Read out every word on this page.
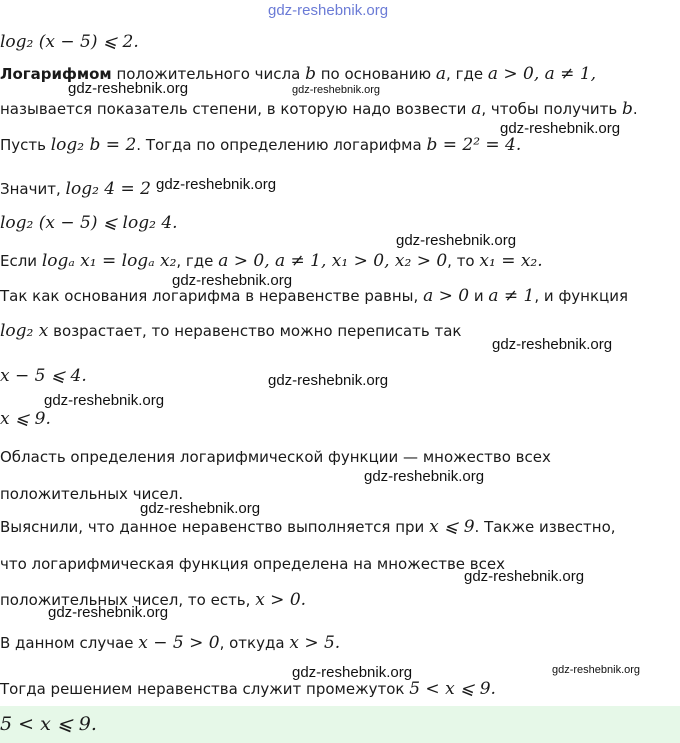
gdz-reshebnik.org
log₂ (x − 5) ⩽ 2.
Логарифмом положительного числа b по основанию a, где a > 0, a ≠ 1,
gdz-reshebnik.org	gdz-reshebnik.org
называется показатель степени, в которую надо возвести a, чтобы получить b.
gdz-reshebnik.org
Пусть log₂ b = 2. Тогда по определению логарифма b = 2² = 4.
Значит, log₂ 4 = 2 gdz-reshebnik.org
log₂ (x − 5) ⩽ log₂ 4.
gdz-reshebnik.org
Если logₐ x₁ = logₐ x₂, где a > 0, a ≠ 1, x₁ > 0, x₂ > 0, то x₁ = x₂.
gdz-reshebnik.org
Так как основания логарифма в неравенстве равны, a > 0 и a ≠ 1, и функция
log₂ x возрастает, то неравенство можно переписать так
gdz-reshebnik.org
x − 5 ⩽ 4.	gdz-reshebnik.org
gdz-reshebnik.org
x ⩽ 9.
Область определения логарифмической функции — множество всех
gdz-reshebnik.org
положительных чисел.
gdz-reshebnik.org
Выяснили, что данное неравенство выполняется при x ⩽ 9. Также известно,
что логарифмическая функция определена на множестве всех
gdz-reshebnik.org
положительных чисел, то есть, x > 0.
gdz-reshebnik.org
В данном случае x − 5 > 0, откуда x > 5.
gdz-reshebnik.org	gdz-reshebnik.org
Тогда решением неравенства служит промежуток 5 < x ⩽ 9.
5 < x ⩽ 9.
